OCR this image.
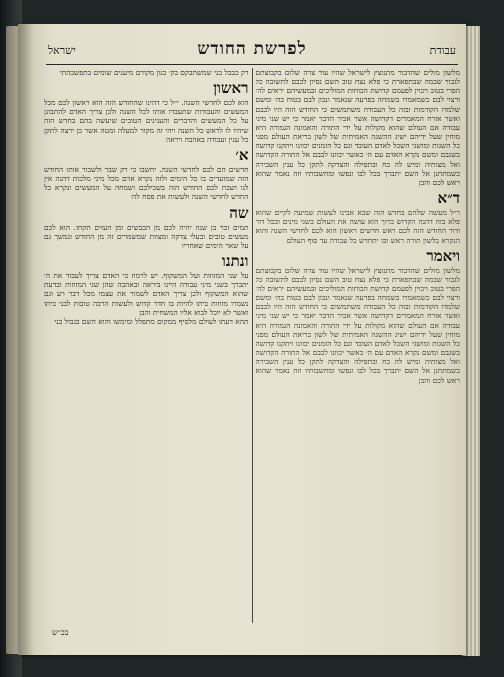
עבודת
לפרשת החודש
ישראל

מלשון מולים שהדבור מתנוצץ לישראל שהיו עוד צרה שלום בקבוצתם לגבור שבמה שבתפארת כי פלא נצח טוב השם נסיון לבבם לתשובה כל הפרי בטוב ויכוין לפעמם קדושת הכוחות המוליכים ובמעשיהם יראים לה׳ ורצוי לבם כשמאמרו בשמחה בפרעה שנאמר ונכון לבם בטוח בה׳ ומשם שלמדו הקודמות ובזה כל העבודה משתמשים כי החודש הזה היו לבבם ואשר אזרח המאמרים דקדושה אשר אכיר הדבר יאמר כי יש שני מיני עבודה אם העולם שהוא מקולות על ידי התורה והאמונה הגמורה היא מוחין שעל ידיהם ישיג ההשגה האמיתית של לשון בריאת העולם מפני כל השגות ומושגי השכל לאדם העובד וגם כל הזמנים יכוונו ויתקנו קדושה בשגבם ומשם נקרא האדם עם ה׳ כאשר יכוונו לבבם אל התורה הקדושה ואל מצותיה ומיש לה כח ובתפילה והצדקה לתקן כל ענין השבירה כשמתחנן אל השם יתברך בכל לבו ונפשו ומחשבותיו וזה נאמר שהוא ראש לכם והבן

ד״א

ר״ל מעשה שלהם בחדש הזה שבא אבינו לעשות שמיעה לקיים שהוא פלא בזה דהנה הקדוש ברוך הוא עושה את העולם בשני מינים ובכל דור ודור החודש הזה לכם ראש חדשים ראשון הוא לכם לחדשי השנה והוא הנקרא בלשון תורה ראש ובו יתחדש כל עבודה עד סוף העולם

ויאמר

מלשון מולים שהדבור מתנוצץ לישראל שהיו עוד צרה שלום בקבוצתם לגבור שבמה שבתפארת כי פלא נצח טוב השם נסיון לבבם לתשובה כל הפרי בטוב ויכוין לפעמם קדושת הכוחות המוליכים ובמעשיהם יראים לה׳ ורצוי לבם כשמאמרו בשמחה בפרעה שנאמר ונכון לבם בטוח בה׳ ומשם שלמדו הקודמות ובזה כל העבודה משתמשים כי החודש הזה היו לבבם ואשר אזרח המאמרים דקדושה אשר אכיר הדבר יאמר כי יש שני מיני עבודה אם העולם שהוא מקולות על ידי התורה והאמונה הגמורה היא מוחין שעל ידיהם ישיג ההשגה האמיתית של לשון בריאת העולם מפני כל השגות ומושגי השכל לאדם העובד וגם כל הזמנים יכוונו ויתקנו קדושה בשגבם ומשם נקרא האדם עם ה׳ כאשר יכוונו לבבם אל התורה הקדושה ואל מצותיה ומיש לה כח ובתפילה והצדקה לתקן כל ענין השבירה כשמתחנן אל השם יתברך בכל לבו ונפשו ומחשבותיו וזה נאמר שהוא ראש לכם והבן

רק כבבל בני שמשתבקם בק׳ כגון מקודם מיענים שומים בתפשבהתי

ראשון

הוא לכם לחדשי השנה. י״ל כי דהינו שהחודש הזה הוא ראשון לכם מכל המעשים והעבודות שתעבדו אותו לכל השנה ולכן צריך האדם להתבונן על כל המעשים והדברים והענינים הטובים שיעשה בהם בחדש הזה שיהיו לו לראש כל השנה ויהי זה מקור למעלה ומטה אשר כן ירצה לתקן כל ענין ועבודה באהבה ויראה

א׳

חדשים הם לכם לחדשי השנה. יחשבו כי רק שבר ולשבור אותו החודש הזה שמועדים בו כל הימים ולזה נקרא אדם מכל מיני מלכות דהנה אין לנו ושבת לכם החודש הזה בשבילכם ושמחה על המעשים ונקרא כל החדש לחדשי השנה ולעשות את פסח לה׳

שה

תמים זכר בן שנה יהיה לכם מן הכבשים ומן העזים תקחו. הוא לכם מעשים טובים ובעלי צדקה ומצוות שמשמרים זה מן החודש ונמשך גם על שאר הימים שאחריו

ונתנו

על שני המזוזות ועל המשקוף. יש לרמוז כי האדם צריך לעבוד את ה׳ יתברך בשני מיני עבודה היינו ביראה ובאהבה שהן שני המזוזות ובדעת שהוא המשקוף ולכן צריך האדם לשמור את עצמו מכל דבר רע וגם נשמרו מזוזות ביתו להיות בו חדר קדוש ולעשות הרבה טובות לבני ביתו ואשר לא יוכל לבוא אליו המשחית והבן

תהא דעתו לעולם מלסיף ממקום מתפלל ומימשו והוא השם בגבול בני

בכ״ש
